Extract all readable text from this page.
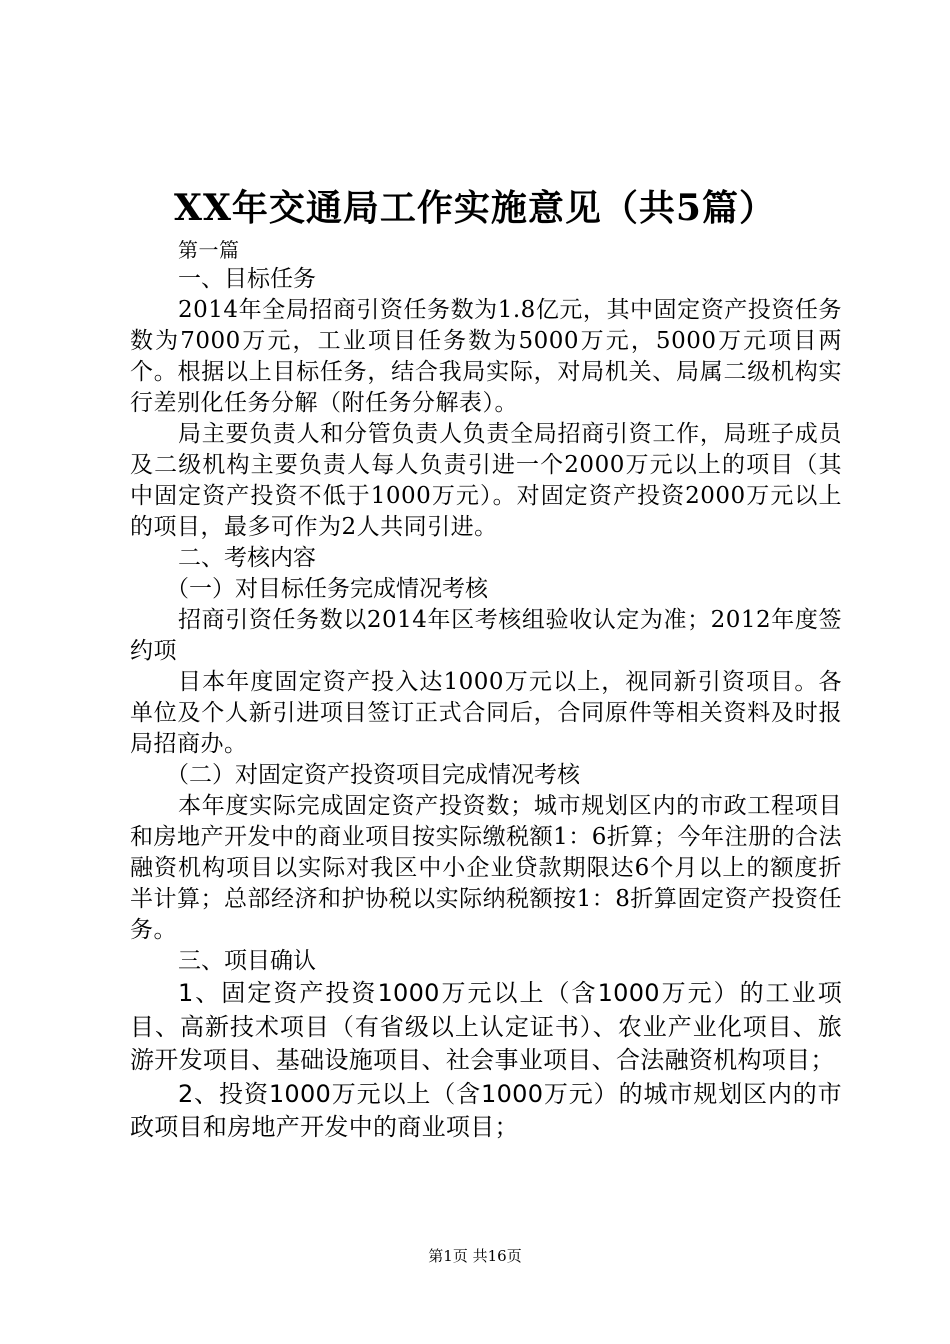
XX年交通局工作实施意见（共5篇）

第一篇

一、目标任务

2014年全局招商引资任务数为1.8亿元，其中固定资产投资任务数为7000万元，工业项目任务数为5000万元，5000万元项目两个。根据以上目标任务，结合我局实际，对局机关、局属二级机构实行差别化任务分解（附任务分解表）。

局主要负责人和分管负责人负责全局招商引资工作，局班子成员及二级机构主要负责人每人负责引进一个2000万元以上的项目（其中固定资产投资不低于1000万元）。对固定资产投资2000万元以上的项目，最多可作为2人共同引进。

二、考核内容

（一）对目标任务完成情况考核

招商引资任务数以2014年区考核组验收认定为准；2012年度签约项

目本年度固定资产投入达1000万元以上，视同新引资项目。各单位及个人新引进项目签订正式合同后，合同原件等相关资料及时报局招商办。

（二）对固定资产投资项目完成情况考核

本年度实际完成固定资产投资数；城市规划区内的市政工程项目和房地产开发中的商业项目按实际缴税额1：6折算；今年注册的合法融资机构项目以实际对我区中小企业贷款期限达6个月以上的额度折半计算；总部经济和护协税以实际纳税额按1：8折算固定资产投资任务。

三、项目确认

1、固定资产投资1000万元以上（含1000万元）的工业项目、高新技术项目（有省级以上认定证书）、农业产业化项目、旅游开发项目、基础设施项目、社会事业项目、合法融资机构项目；

2、投资1000万元以上（含1000万元）的城市规划区内的市政项目和房地产开发中的商业项目；

第1页 共16页
